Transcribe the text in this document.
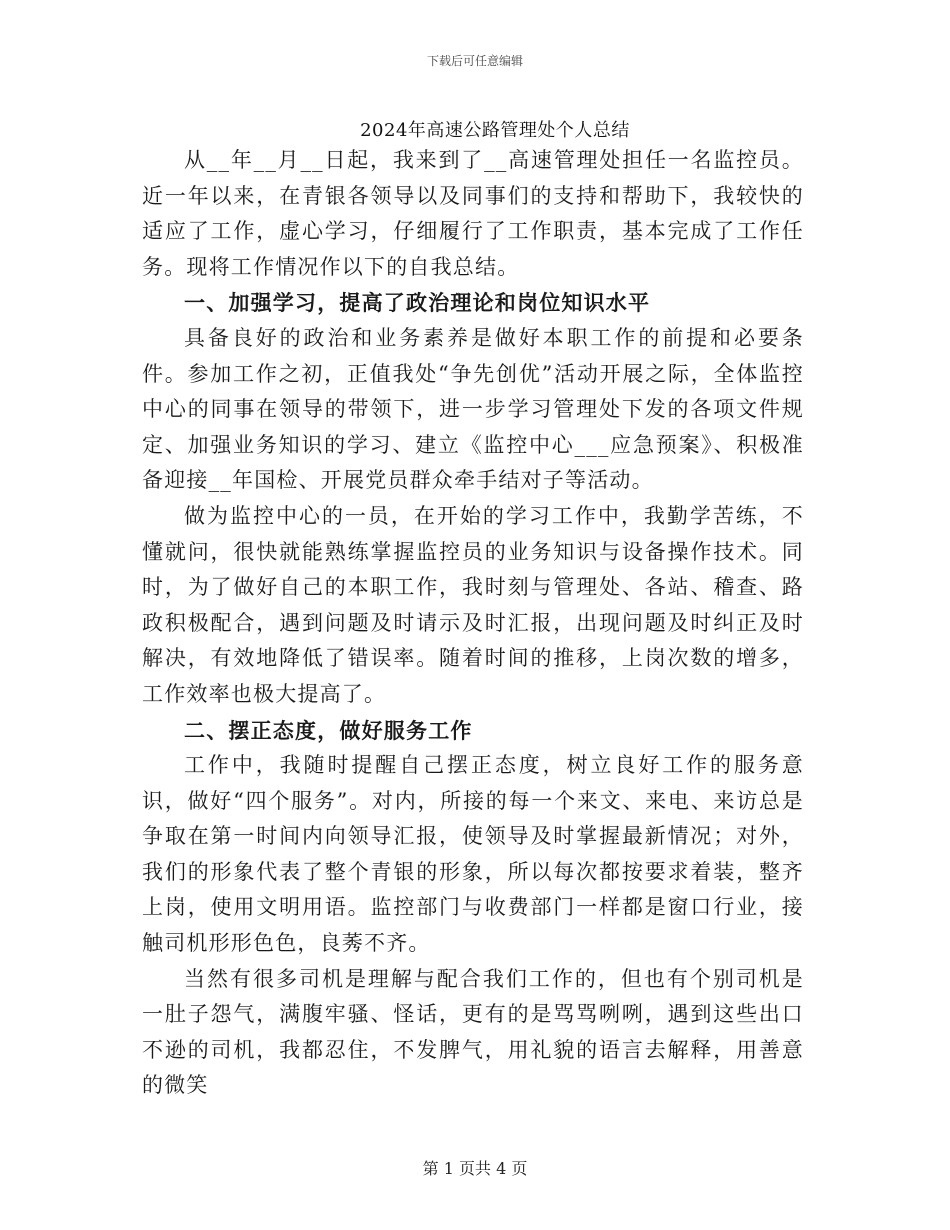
下载后可任意编辑
2024年高速公路管理处个人总结

从__年__月__日起，我来到了__高速管理处担任一名监控员。近一年以来，在青银各领导以及同事们的支持和帮助下，我较快的适应了工作，虚心学习，仔细履行了工作职责，基本完成了工作任务。现将工作情况作以下的自我总结。

一、加强学习，提高了政治理论和岗位知识水平

具备良好的政治和业务素养是做好本职工作的前提和必要条件。参加工作之初，正值我处“争先创优”活动开展之际，全体监控中心的同事在领导的带领下，进一步学习管理处下发的各项文件规定、加强业务知识的学习、建立《监控中心___应急预案》、积极准备迎接__年国检、开展党员群众牵手结对子等活动。

做为监控中心的一员，在开始的学习工作中，我勤学苦练，不懂就问，很快就能熟练掌握监控员的业务知识与设备操作技术。同时，为了做好自己的本职工作，我时刻与管理处、各站、稽查、路政积极配合，遇到问题及时请示及时汇报，出现问题及时纠正及时解决，有效地降低了错误率。随着时间的推移，上岗次数的增多，工作效率也极大提高了。

二、摆正态度，做好服务工作

工作中，我随时提醒自己摆正态度，树立良好工作的服务意识，做好“四个服务”。对内，所接的每一个来文、来电、来访总是争取在第一时间内向领导汇报，使领导及时掌握最新情况；对外，我们的形象代表了整个青银的形象，所以每次都按要求着装，整齐上岗，使用文明用语。监控部门与收费部门一样都是窗口行业，接触司机形形色色，良莠不齐。

当然有很多司机是理解与配合我们工作的，但也有个别司机是一肚子怨气，满腹牢骚、怪话，更有的是骂骂咧咧，遇到这些出口不逊的司机，我都忍住，不发脾气，用礼貌的语言去解释，用善意的微笑

第 1 页共 4 页
